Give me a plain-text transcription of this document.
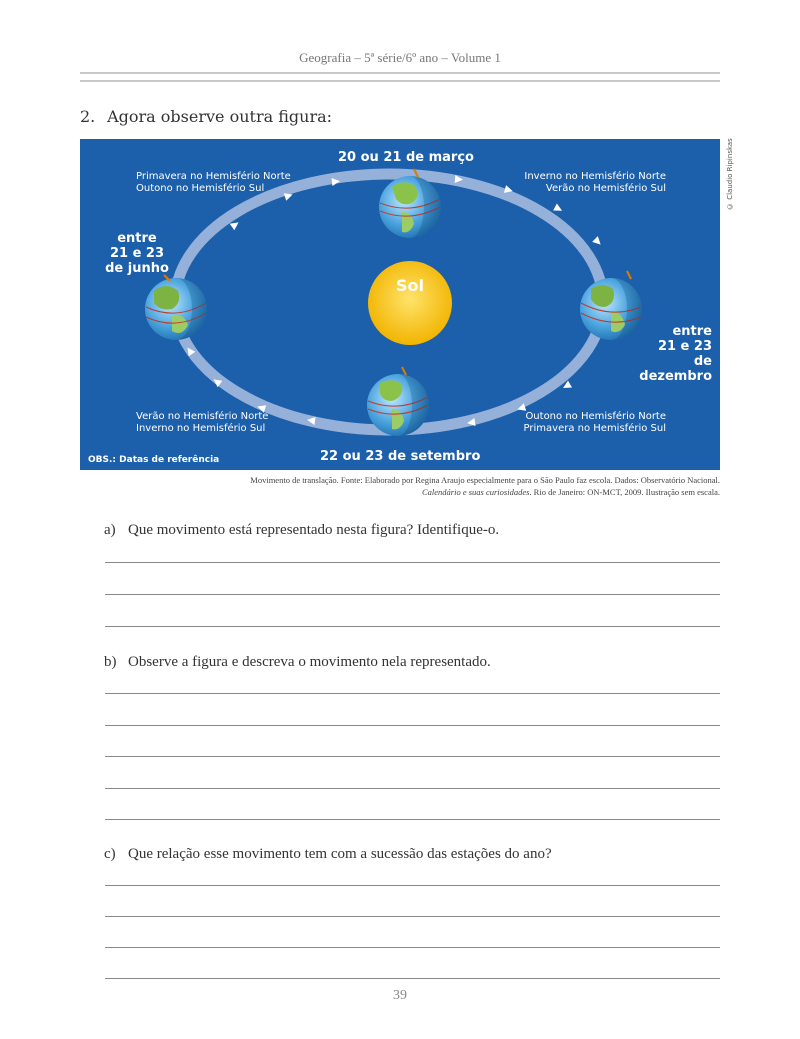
Geografia – 5ª série/6º ano – Volume 1
2. Agora observe outra figura:
© Claudio Ripinskas
Sol
20 ou 21 de março
22 ou 23 de setembro
entre
21 e 23
de junho
entre
21 e 23
de dezembro
Primavera no Hemisfério Norte
Outono no Hemisfério Sul
Inverno no Hemisfério Norte
Verão no Hemisfério Sul
Verão no Hemisfério Norte
Inverno no Hemisfério Sul
Outono no Hemisfério Norte
Primavera no Hemisfério Sul
OBS.: Datas de referência
Movimento de translação. Fonte: Elaborado por Regina Araujo especialmente para o São Paulo faz escola. Dados: Observatório Nacional.
Calendário e suas curiosidades. Rio de Janeiro: ON-MCT, 2009. Ilustração sem escala.
a) Que movimento está representado nesta figura? Identifique-o.
b) Observe a figura e descreva o movimento nela representado.
c) Que relação esse movimento tem com a sucessão das estações do ano?
39
